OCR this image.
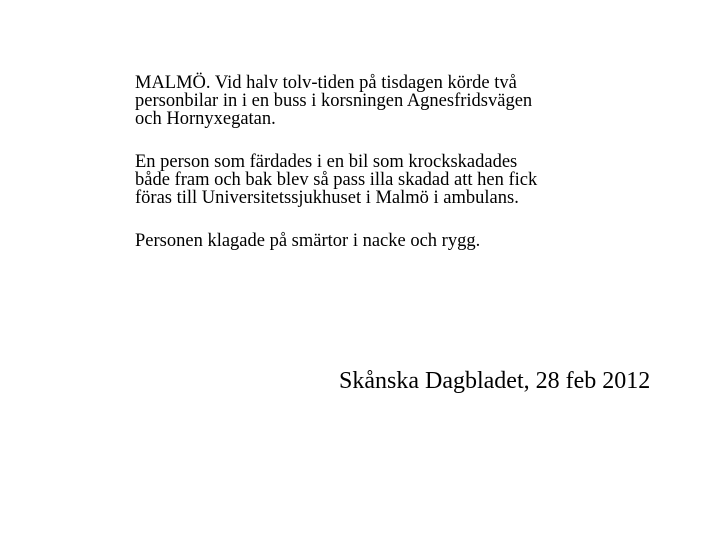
MALMÖ. Vid halv tolv-tiden på tisdagen körde två
personbilar in i en buss i korsningen Agnesfridsvägen
och Hornyxegatan.

En person som färdades i en bil som krockskadades
både fram och bak blev så pass illa skadad att hen fick
föras till Universitetssjukhuset i Malmö i ambulans.

Personen klagade på smärtor i nacke och rygg.

Skånska Dagbladet, 28 feb 2012
